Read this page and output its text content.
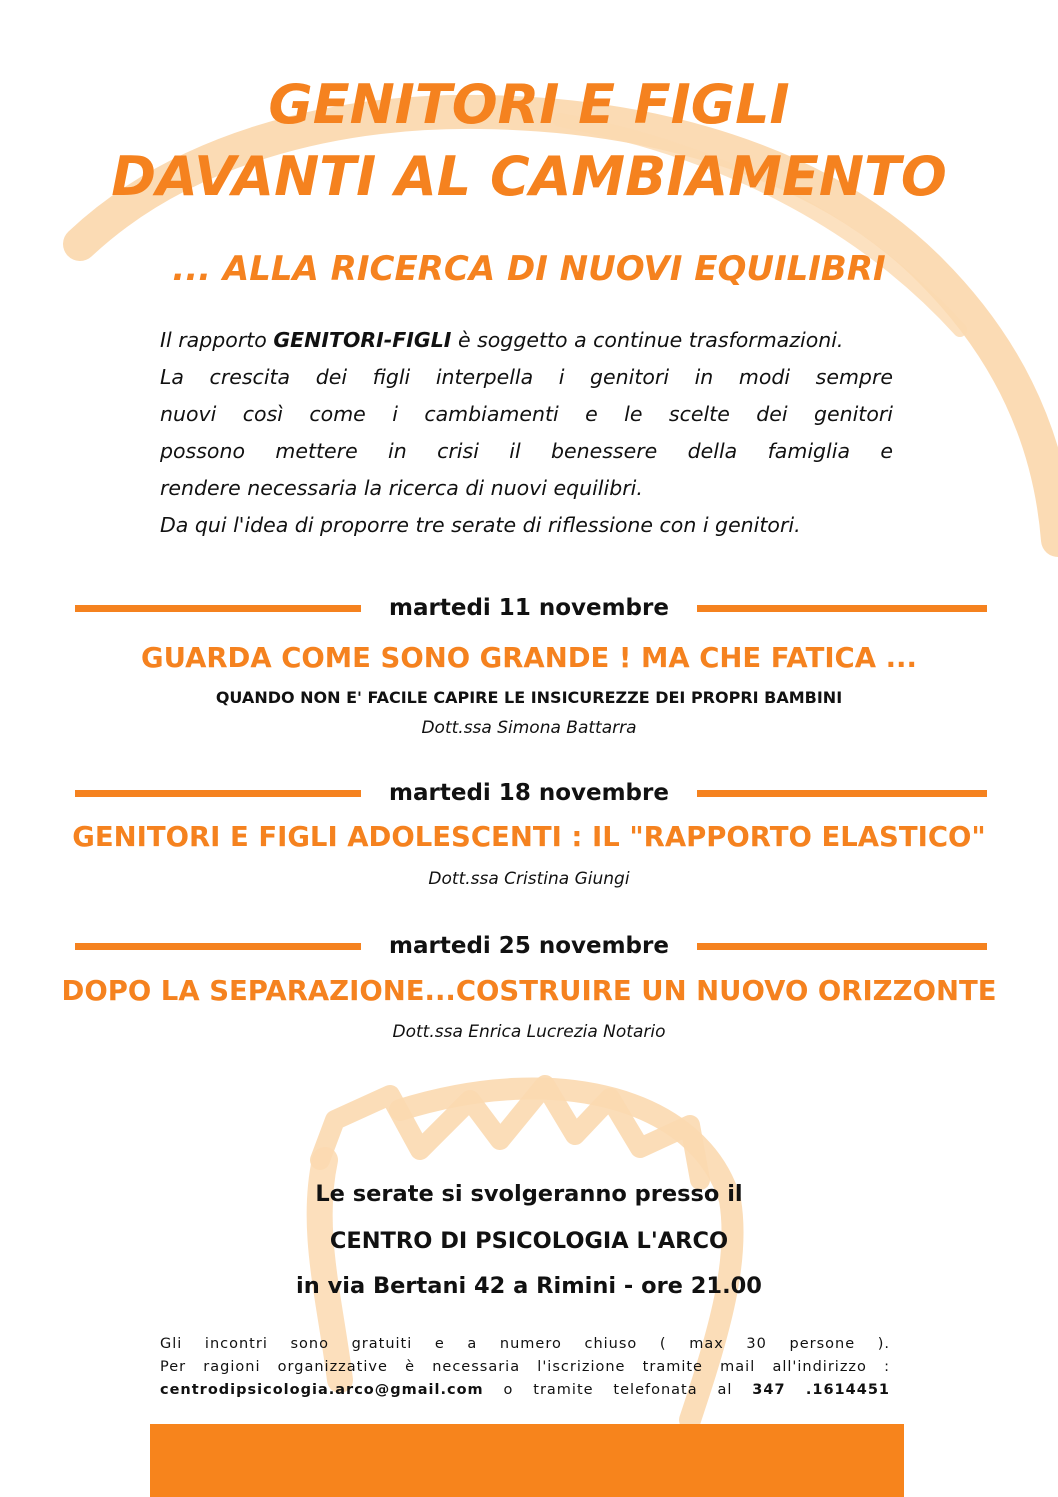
GENITORI E FIGLI
DAVANTI AL CAMBIAMENTO
... ALLA RICERCA DI NUOVI EQUILIBRI

Il rapporto GENITORI-FIGLI è soggetto a continue trasformazioni.

La crescita dei figli interpella i genitori in modi sempre

nuovi così come i cambiamenti e le scelte dei genitori

possono mettere in crisi il benessere della famiglia e

rendere necessaria la ricerca di nuovi equilibri.

Da qui l'idea di proporre tre serate di riflessione con i genitori.

martedi 11 novembre
GUARDA COME SONO GRANDE ! MA CHE FATICA ...
QUANDO NON E' FACILE CAPIRE LE INSICUREZZE DEI PROPRI BAMBINI
Dott.ssa Simona Battarra
martedi 18 novembre
GENITORI E FIGLI ADOLESCENTI : IL "RAPPORTO ELASTICO"
Dott.ssa Cristina Giungi
martedi 25 novembre
DOPO LA SEPARAZIONE...COSTRUIRE UN NUOVO ORIZZONTE
Dott.ssa Enrica Lucrezia Notario
Le serate si svolgeranno presso il
CENTRO DI PSICOLOGIA L'ARCO
in via Bertani 42 a Rimini - ore 21.00
Gli incontri sono gratuiti e a numero chiuso ( max 30 persone ).
Per ragioni organizzative è necessaria l'iscrizione tramite mail all'indirizzo :
centrodipsicologia.arco@gmail.com o tramite telefonata al 347 .1614451
